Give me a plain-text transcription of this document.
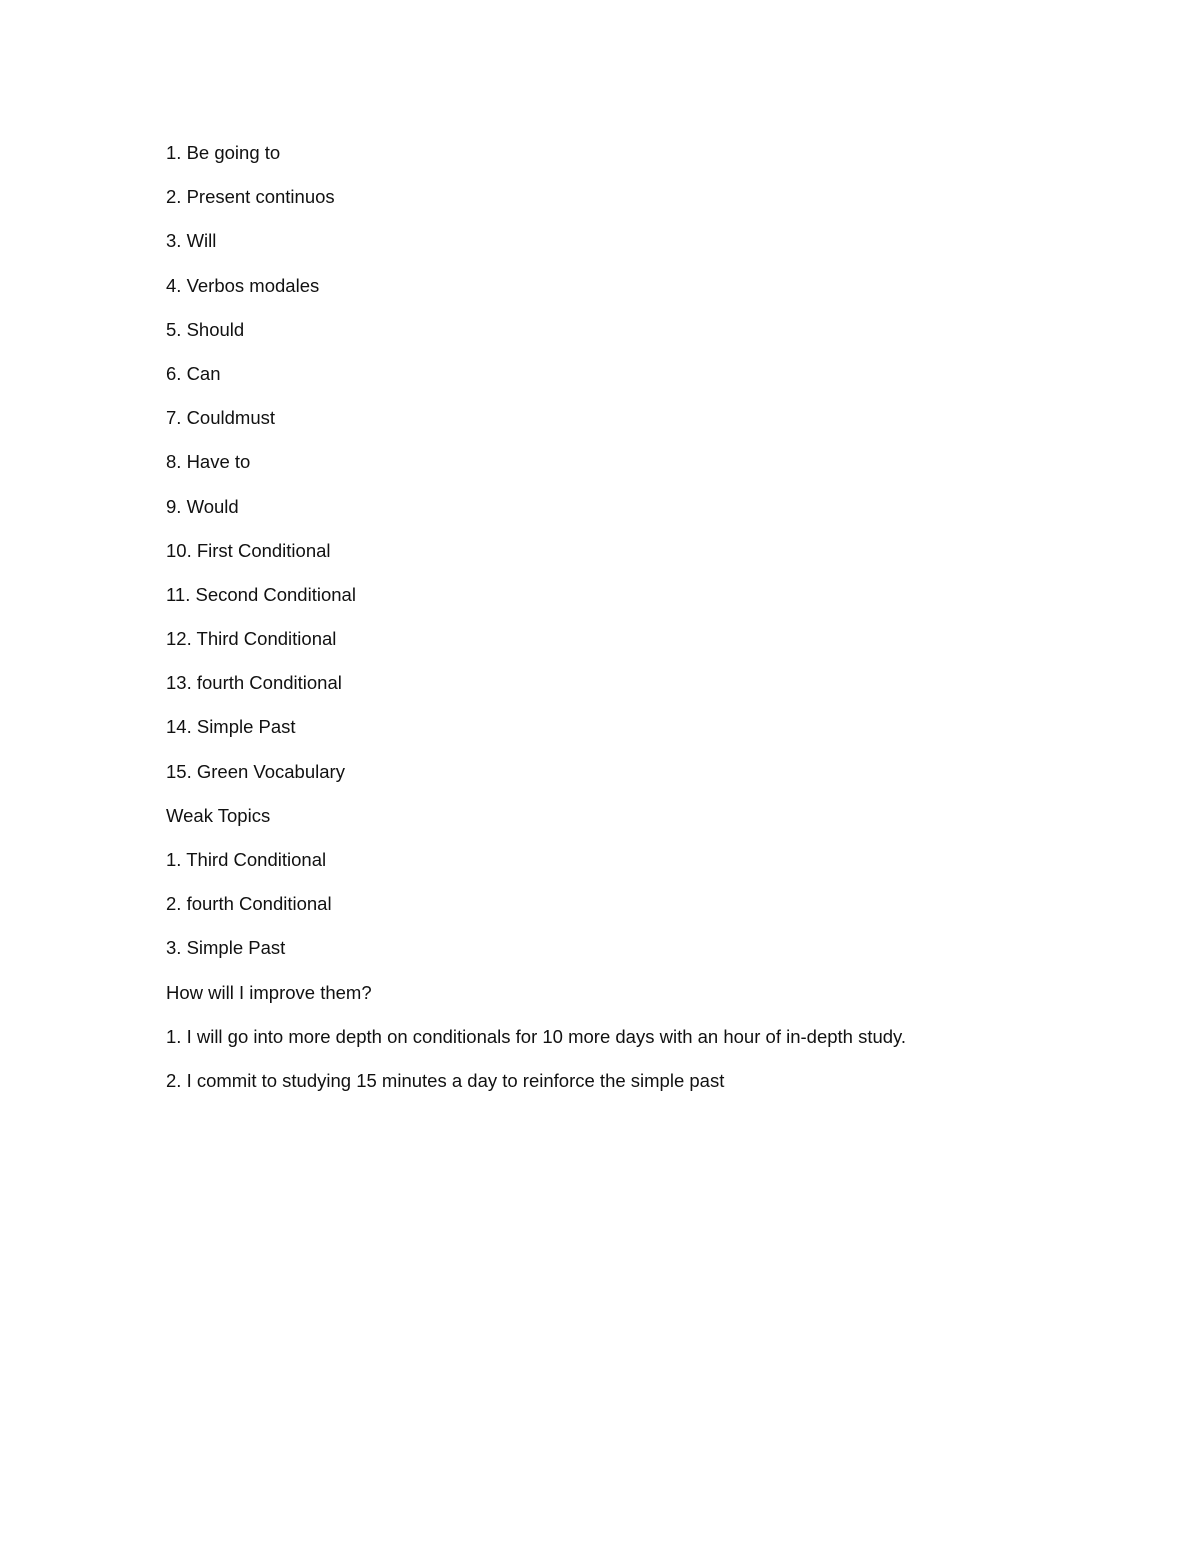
1. Be going to
2. Present continuos
3. Will
4. Verbos modales
5. Should
6. Can
7. Couldmust
8. Have to
9. Would
10. First Conditional
11. Second Conditional
12. Third Conditional
13. fourth Conditional
14. Simple Past
15. Green Vocabulary
Weak Topics
1. Third Conditional
2. fourth Conditional
3. Simple Past
How will I improve them?
1. I will go into more depth on conditionals for 10 more days with an hour of in-depth study.
2. I commit to studying 15 minutes a day to reinforce the simple past
